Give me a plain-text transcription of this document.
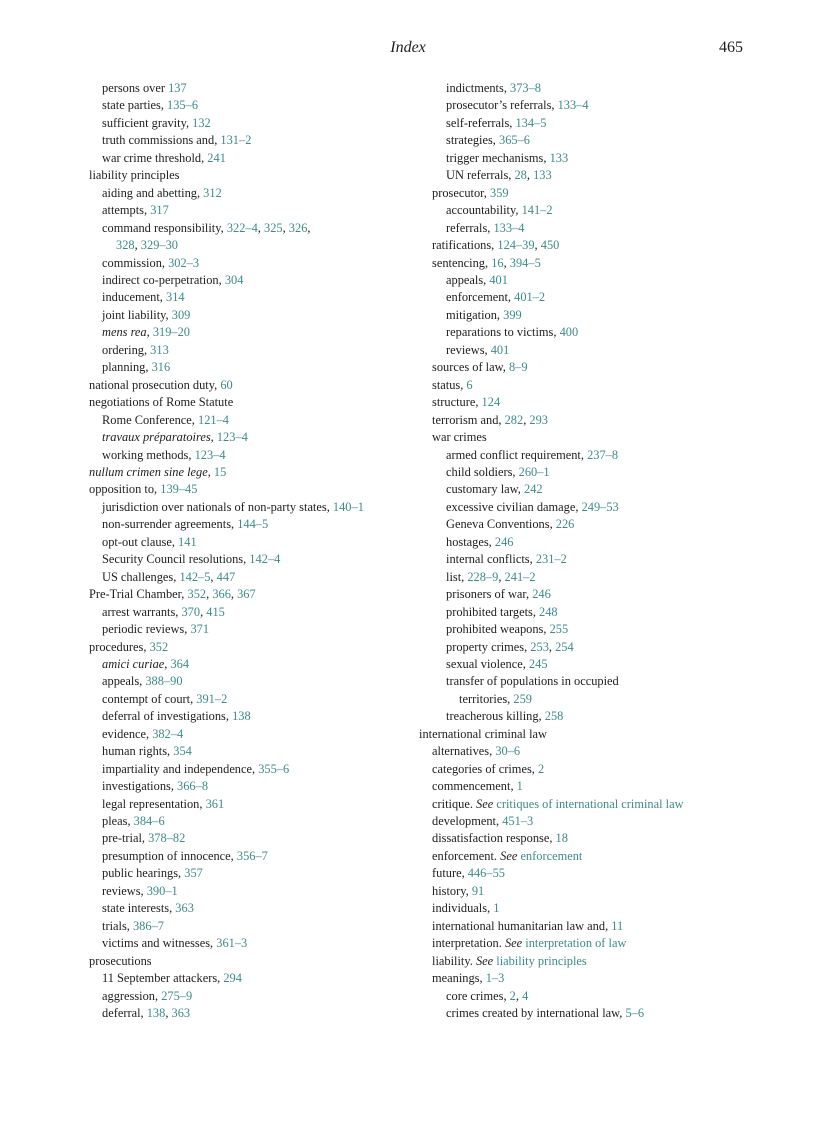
Index	465
persons over 137
state parties, 135–6
sufficient gravity, 132
truth commissions and, 131–2
war crime threshold, 241
liability principles
aiding and abetting, 312
attempts, 317
command responsibility, 322–4, 325, 326,
328, 329–30
commission, 302–3
indirect co-perpetration, 304
inducement, 314
joint liability, 309
mens rea, 319–20
ordering, 313
planning, 316
national prosecution duty, 60
negotiations of Rome Statute
Rome Conference, 121–4
travaux préparatoires, 123–4
working methods, 123–4
nullum crimen sine lege, 15
opposition to, 139–45
jurisdiction over nationals of non-party states, 140–1
non-surrender agreements, 144–5
opt-out clause, 141
Security Council resolutions, 142–4
US challenges, 142–5, 447
Pre-Trial Chamber, 352, 366, 367
arrest warrants, 370, 415
periodic reviews, 371
procedures, 352
amici curiae, 364
appeals, 388–90
contempt of court, 391–2
deferral of investigations, 138
evidence, 382–4
human rights, 354
impartiality and independence, 355–6
investigations, 366–8
legal representation, 361
pleas, 384–6
pre-trial, 378–82
presumption of innocence, 356–7
public hearings, 357
reviews, 390–1
state interests, 363
trials, 386–7
victims and witnesses, 361–3
prosecutions
11 September attackers, 294
aggression, 275–9
deferral, 138, 363
indictments, 373–8
prosecutor’s referrals, 133–4
self-referrals, 134–5
strategies, 365–6
trigger mechanisms, 133
UN referrals, 28, 133
prosecutor, 359
accountability, 141–2
referrals, 133–4
ratifications, 124–39, 450
sentencing, 16, 394–5
appeals, 401
enforcement, 401–2
mitigation, 399
reparations to victims, 400
reviews, 401
sources of law, 8–9
status, 6
structure, 124
terrorism and, 282, 293
war crimes
armed conflict requirement, 237–8
child soldiers, 260–1
customary law, 242
excessive civilian damage, 249–53
Geneva Conventions, 226
hostages, 246
internal conflicts, 231–2
list, 228–9, 241–2
prisoners of war, 246
prohibited targets, 248
prohibited weapons, 255
property crimes, 253, 254
sexual violence, 245
transfer of populations in occupied
territories, 259
treacherous killing, 258
international criminal law
alternatives, 30–6
categories of crimes, 2
commencement, 1
critique. See critiques of international criminal law
development, 451–3
dissatisfaction response, 18
enforcement. See enforcement
future, 446–55
history, 91
individuals, 1
international humanitarian law and, 11
interpretation. See interpretation of law
liability. See liability principles
meanings, 1–3
core crimes, 2, 4
crimes created by international law, 5–6
